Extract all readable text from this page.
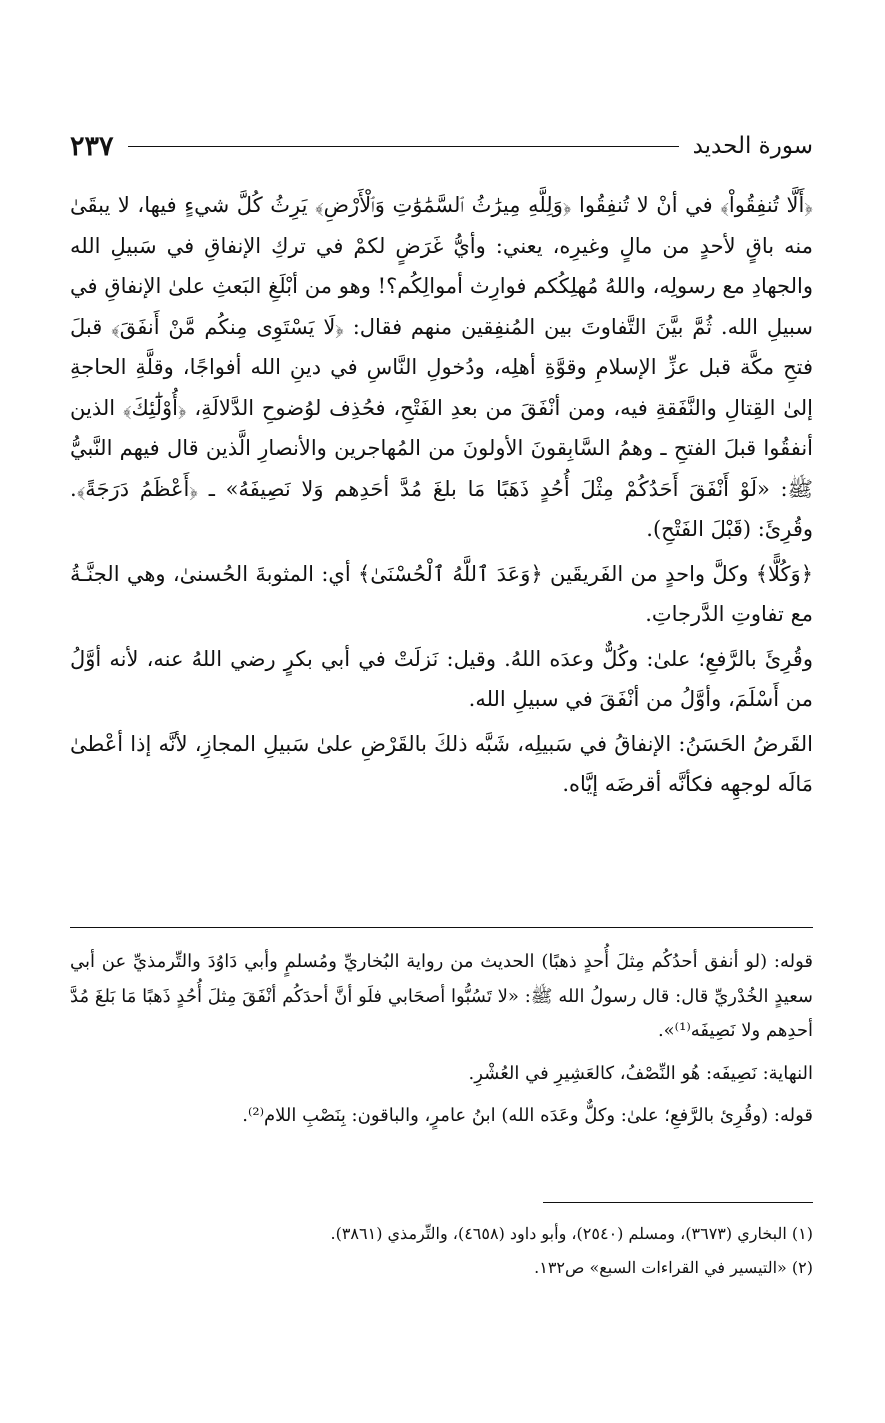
٢٣٧	سورة الحديد

﴿أَلَّا تُنفِقُواْ﴾ في أنْ لا تُنفِقُوا ﴿وَلِلَّهِ مِيرَٰثُ ٱلسَّمَٰوَٰتِ وَٱلْأَرْضِ﴾ يَرِثُ كُلَّ شيءٍ فيها، لا يبقَىٰ منه باقٍ لأحدٍ من مالٍ وغيرِه، يعني: وأيُّ غَرَضٍ لكمْ في تركِ الإنفاقِ في سَبيلِ الله والجهادِ مع رسولِه، واللهُ مُهلِكُكم فوارِث أموالِكُم؟! وهو من أبْلَغِ البَعثِ علىٰ الإنفاقِ في سبيلِ الله. ثُمَّ بيَّنَ التَّفاوتَ بين المُنفِقين منهم فقال: ﴿لَا يَسْتَوِى مِنكُم مَّنْ أَنفَقَ﴾ قبلَ فتحِ مكَّة قبل عزِّ الإسلامِ وقوَّةِ أهلِه، ودُخولِ النَّاسِ في دينِ الله أفواجًا، وقلَّةِ الحاجةِ إلىٰ القِتالِ والنَّفَقةِ فيه، ومن أنْفَقَ من بعدِ الفَتْحِ، فحُذِف لوُضوحِ الدَّلالَةِ، ﴿أُوْلَٰٓئِكَ﴾ الذين أنفقُوا قبلَ الفتحِ ـ وهمُ السَّابِقونَ الأولونَ من المُهاجرين والأنصارِ الَّذين قال فيهم النَّبيُّ ﷺ: «لَوْ أَنْفَقَ أَحَدُكُمْ مِثْلَ أُحُدٍ ذَهَبًا مَا بلغَ مُدَّ أحَدِهم وَلا نَصِيفَهُ» ـ ﴿أَعْظَمُ دَرَجَةً﴾. وقُرِئَ: (قَبْلَ الفَتْحِ).

﴿وَكُلًّا﴾ وكلَّ واحدٍ من الفَريقَين ﴿وَعَدَ ٱللَّهُ ٱلْحُسْنَىٰ﴾ أي: المثوبةَ الحُسنىٰ، وهي الجنَّـةُ مع تفاوتِ الدَّرجاتِ.

وقُرِئَ بالرَّفعِ؛ علىٰ: وكُلٌّ وعدَه اللهُ. وقيل: نَزلَتْ في أبي بكرٍ رضي اللهُ عنه، لأنه أوَّلُ من أَسْلَمَ، وأوَّلُ من أنْفَقَ في سبيلِ الله.

القَرضُ الحَسَنُ: الإنفاقُ في سَبيلِه، شَبَّه ذلكَ بالقَرْضِ علىٰ سَبيلِ المجازِ، لأنَّه إذا أعْطىٰ مَالَه لوجهِه فكأنَّه أقرضَه إيَّاه.

قوله: (لو أنفق أحدُكُم مِثلَ أُحدٍ ذهبًا) الحديث من رواية البُخاريِّ ومُسلمٍ وأبي دَاوُدَ والتِّرمذيِّ عن أبي سعيدٍ الخُدْريِّ قال: قال رسولُ الله ﷺ: «لا تَسُبُّوا أصحَابي فلَو أنَّ أحدَكُم أنْفَقَ مِثلَ أُحُدٍ ذَهبًا مَا بَلغَ مُدَّ أحدِهم ولا نَصِيفَه⁽¹⁾».

النهاية: نَصِيفَه: هُو النِّصْفُ، كالعَشِيرِ في العُشْرِ.

قوله: (وقُرِئ بالرَّفعِ؛ علىٰ: وكلٌّ وعَدَه الله) ابنُ عامرٍ، والباقون: بِنَصْبِ اللام⁽²⁾.

(١) البخاري (٣٦٧٣)، ومسلم (٢٥٤٠)، وأبو داود (٤٦٥٨)، والتِّرمذي (٣٨٦١).

(٢) «التيسير في القراءات السبع» ص١٣٢.
